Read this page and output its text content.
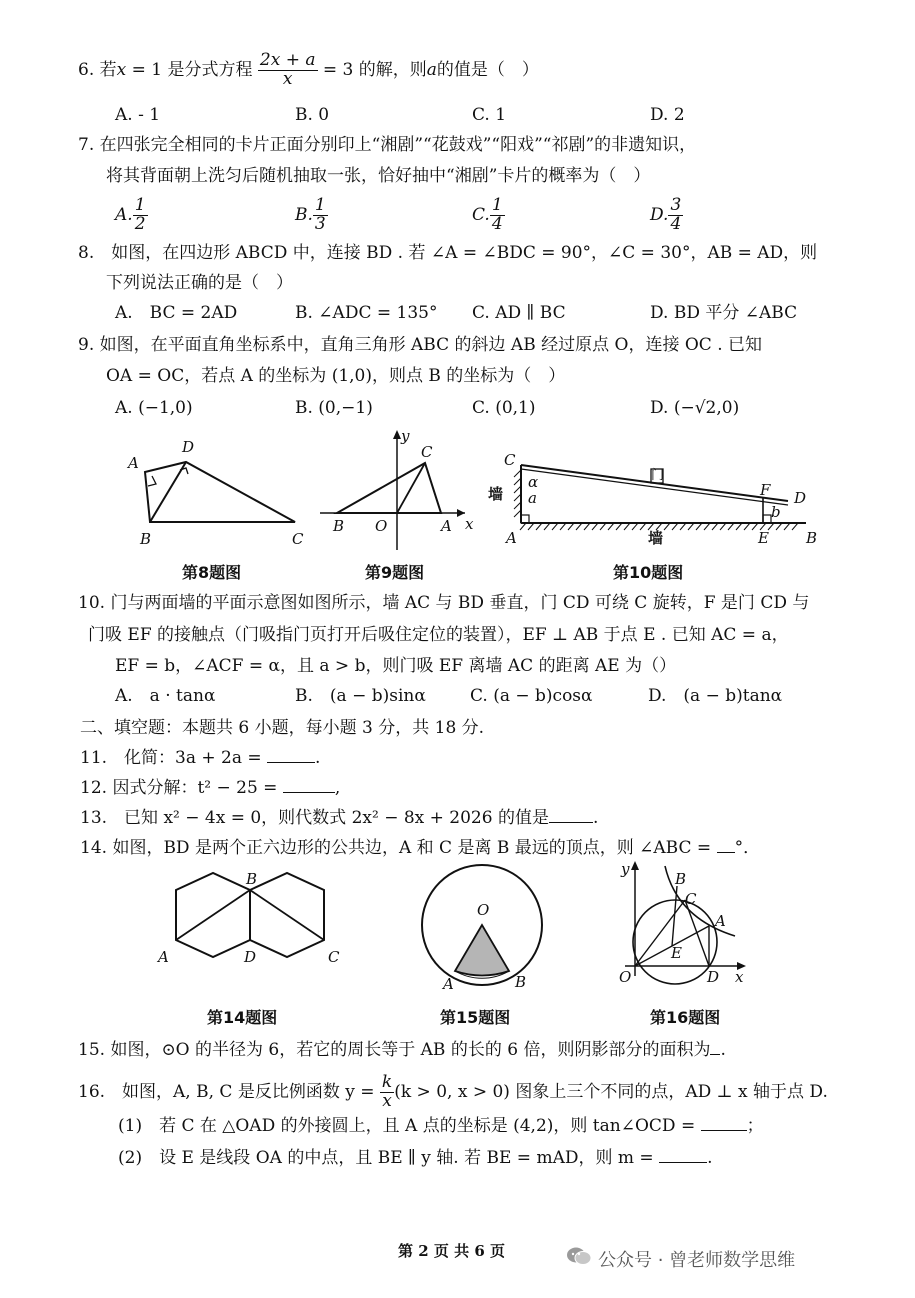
6. 若x = 1 是分式方程 $\frac{2x + a}{x} = 3$ 的解，则a的值是（　）
A. - 1	B. 0	C. 1	D. 2
7. 在四张完全相同的卡片正面分别印上“湘剧”“花鼓戏”“阳戏”“祁剧”的非遗知识，
将其背面朝上洗匀后随机抽取一张，恰好抽中“湘剧”卡片的概率为（　）
A. $\frac{1}{2}$	B. $\frac{1}{3}$	C. $\frac{1}{4}$	D. $\frac{3}{4}$
8.　如图，在四边形 ABCD 中，连接 BD . 若 ∠A = ∠BDC = 90°，∠C = 30°，AB = AD，则
下列说法正确的是（　）
A.　BC = 2AD	B. ∠ADC = 135° C. AD ∥ BC	D. BD 平分 ∠ABC
9. 如图，在平面直角坐标系中，直角三角形 ABC 的斜边 AB 经过原点 O，连接 OC . 已知
OA = OC，若点 A 的坐标为 (1,0)，则点 B 的坐标为（　）
A. (−1,0)	B. (0,−1)	C. (0,1)	D. (−√2,0)
A
D
B	C
y
x
B O	A
C	C
α
a
墙
门
F D
b
A	墙	E B
第8题图	第9题图	第10题图
10. 门与两面墙的平面示意图如图所示，墙 AC 与 BD 垂直，门 CD 可绕 C 旋转，F 是门 CD 与
门吸 EF 的接触点（门吸指门页打开后吸住定位的装置），EF ⊥ AB 于点 E . 已知 AC = a，
EF = b，∠ACF = α，且 a > b，则门吸 EF 离墙 AC 的距离 AE 为（）
A.　a · tanα	B.　(a − b)sinα	C. (a − b)cosα	D.　(a − b)tanα
二、填空题：本题共 6 小题，每小题 3 分，共 18 分.
11.　化简：3a + 2a =	.
12. 因式分解：t² − 25 =	,
13.　已知 x² − 4x = 0，则代数式 2x² − 8x + 2026 的值是	.
14. 如图，BD 是两个正六边形的公共边，A 和 C 是离 B 最远的顶点，则 ∠ABC = °．
B
A	D	C
O
A	B
y
x
B
C
A
E
O	D
第14题图	第15题图	第16题图
15. 如图，⊙O 的半径为 6，若它的周长等于 AB 的长的 6 倍，则阴影部分的面积为 .
16.　如图，A, B, C 是反比例函数 $y = \frac{k}{x} (k > 0$, x > 0) 图象上三个不同的点，AD ⊥ x 轴于点 D.
(1)　若 C 在 △OAD 的外接圆上，且 A 点的坐标是 (4,2)，则 tan∠OCD =	；
(2)　设 E 是线段 OA 的中点，且 BE ∥ y 轴. 若 BE = mAD，则 m =	.
第 2 页 共 6 页	公众号 · 曾老师数学思维
